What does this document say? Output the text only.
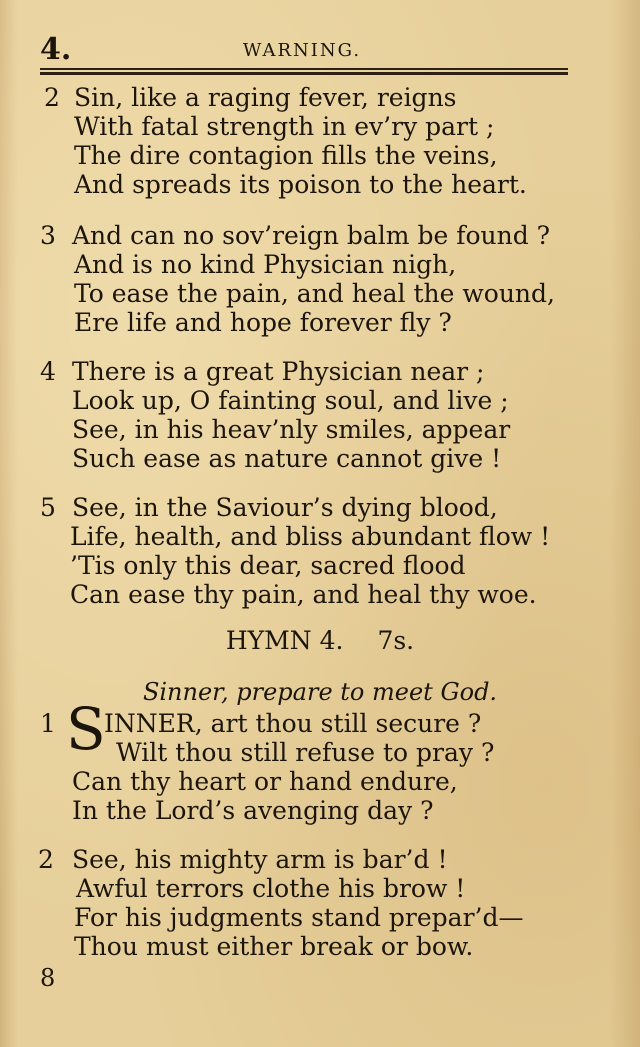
4.	WARNING.
2 Sin, like a raging fever, reigns
With fatal strength in ev’ry part ;
The dire contagion fills the veins,
And spreads its poison to the heart.
3 And can no sov’reign balm be found ?
And is no kind Physician nigh,
To ease the pain, and heal the wound,
Ere life and hope forever fly ?
4 There is a great Physician near ;
Look up, O fainting soul, and live ;
See, in his heav’nly smiles, appear
Such ease as nature cannot give !
5 See, in the Saviour’s dying blood,
Life, health, and bliss abundant flow !
’Tis only this dear, sacred flood
Can ease thy pain, and heal thy woe.
HYMN 4. 7s.
Sinner, prepare to meet God.
1 S
INNER, art thou still secure ?
Wilt thou still refuse to pray ?
Can thy heart or hand endure,
In the Lord’s avenging day ?
2 See, his mighty arm is bar’d !
Awful terrors clothe his brow !
For his judgments stand prepar’d—
Thou must either break or bow.
8
